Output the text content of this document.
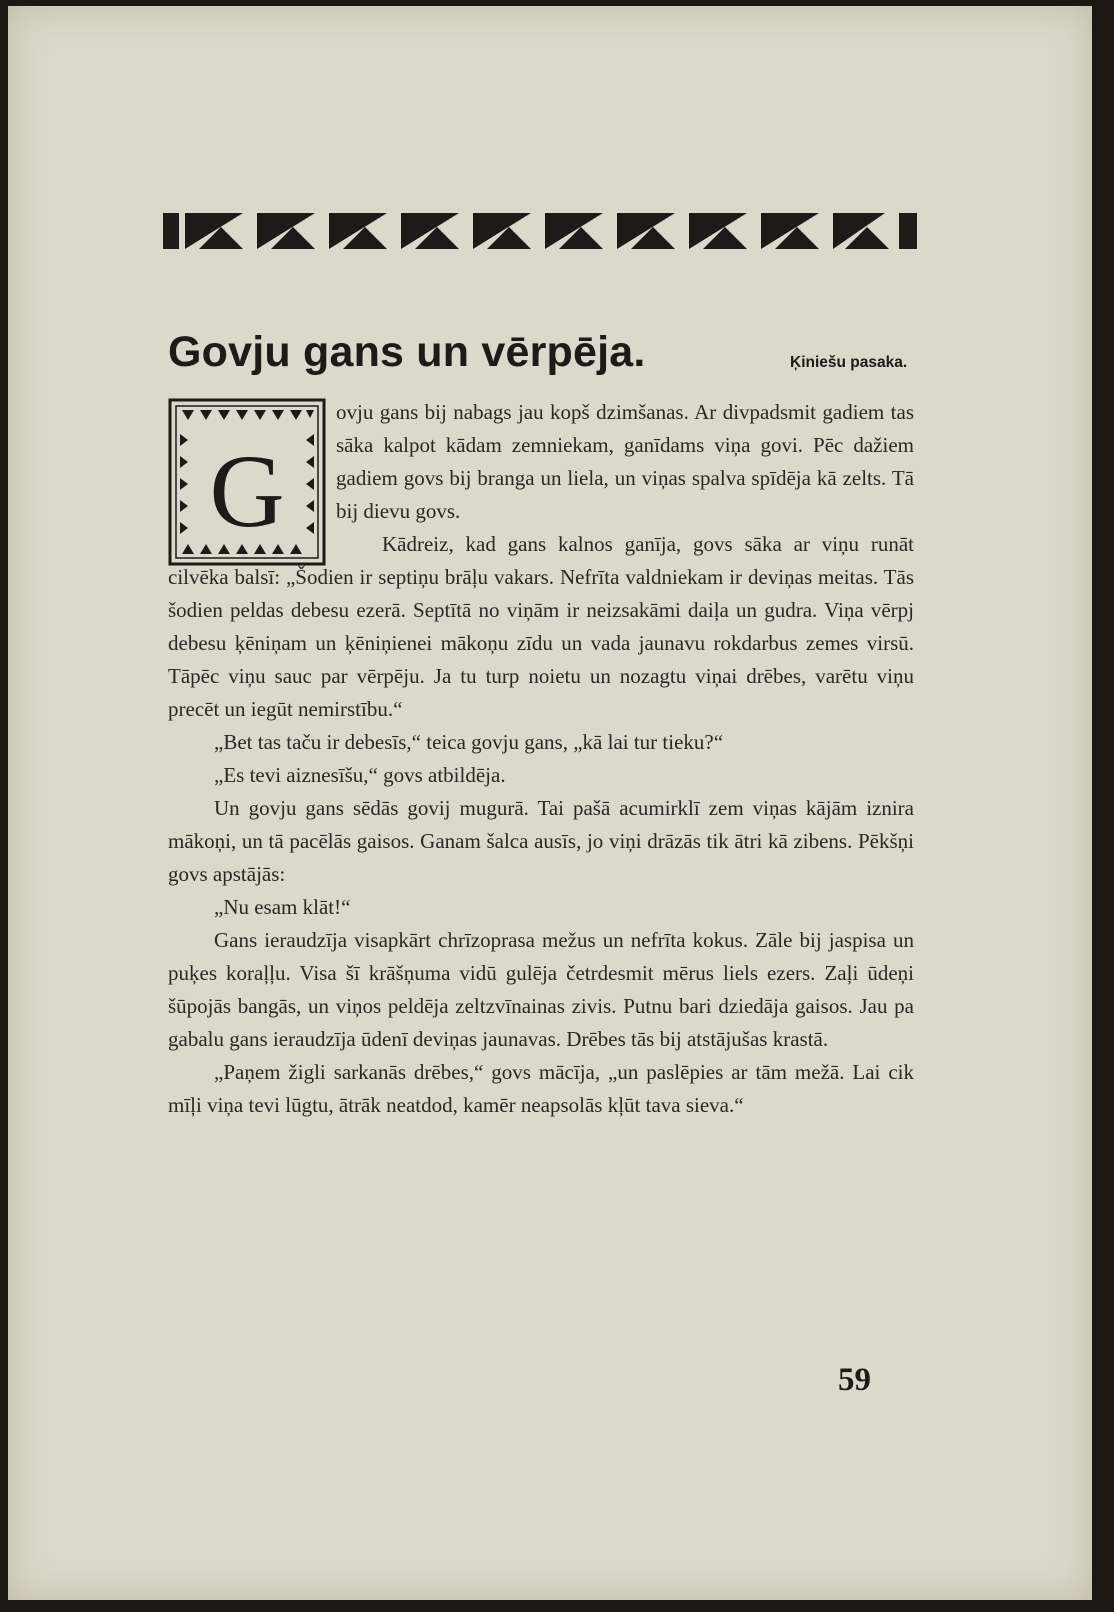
Govju gans un vērpēja.	Ķiniešu pasaka.
G

ovju gans bij nabags jau kopš dzimšanas. Ar divpadsmit gadiem tas sāka kalpot kādam zemniekam, ganīdams viņa govi. Pēc dažiem gadiem govs bij branga un liela, un viņas spalva spīdēja kā zelts. Tā bij dievu govs.

Kādreiz, kad gans kalnos ganīja, govs sāka ar viņu runāt cilvēka balsī: „Šodien ir septiņu brāļu vakars. Nefrīta valdniekam ir deviņas meitas. Tās šodien peldas debesu ezerā. Septītā no viņām ir neizsakāmi daiļa un gudra. Viņa vērpj debesu ķēniņam un ķēniņienei mākoņu zīdu un vada jaunavu rokdarbus zemes virsū. Tāpēc viņu sauc par vērpēju. Ja tu turp noietu un nozagtu viņai drēbes, varētu viņu precēt un iegūt nemirstību.“

„Bet tas taču ir debesīs,“ teica govju gans, „kā lai tur tieku?“

„Es tevi aiznesīšu,“ govs atbildēja.

Un govju gans sēdās govij mugurā. Tai pašā acumirklī zem viņas kājām iznira mākoņi, un tā pacēlās gaisos. Ganam šalca ausīs, jo viņi drāzās tik ātri kā zibens. Pēkšņi govs apstājās:

„Nu esam klāt!“

Gans ieraudzīja visapkārt chrīzoprasa mežus un nefrīta kokus. Zāle bij jaspisa un puķes koraļļu. Visa šī krāšņuma vidū gulēja četrdesmit mērus liels ezers. Zaļi ūdeņi šūpojās bangās, un viņos peldēja zeltzvīnainas zivis. Putnu bari dziedāja gaisos. Jau pa gabalu gans ieraudzīja ūdenī deviņas jaunavas. Drēbes tās bij atstājušas krastā.

„Paņem žigli sarkanās drēbes,“ govs mācīja, „un paslēpies ar tām mežā. Lai cik mīļi viņa tevi lūgtu, ātrāk neatdod, kamēr neapsolās kļūt tava sieva.“

59
